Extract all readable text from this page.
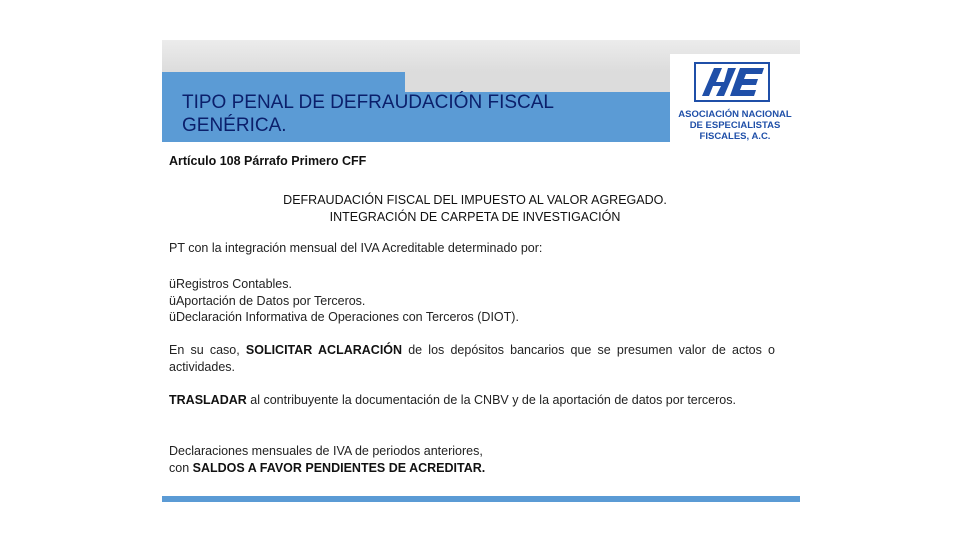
TIPO PENAL DE DEFRAUDACIÓN FISCAL
GENÉRICA.
ASOCIACIÓN NACIONAL
DE ESPECIALISTAS
FISCALES, A.C.
Artículo 108 Párrafo Primero CFF
DEFRAUDACIÓN FISCAL DEL IMPUESTO AL VALOR AGREGADO.
INTEGRACIÓN DE CARPETA DE INVESTIGACIÓN
PT con la integración mensual del IVA Acreditable determinado por:
üRegistros Contables.
üAportación de Datos por Terceros.
üDeclaración Informativa de Operaciones con Terceros (DIOT).
En su caso, SOLICITAR ACLARACIÓN de los depósitos bancarios que se presumen valor de actos o actividades.
TRASLADAR al contribuyente la documentación de la CNBV y de la aportación de datos por terceros.
Declaraciones mensuales de IVA de periodos anteriores,
con SALDOS A FAVOR PENDIENTES DE ACREDITAR.
